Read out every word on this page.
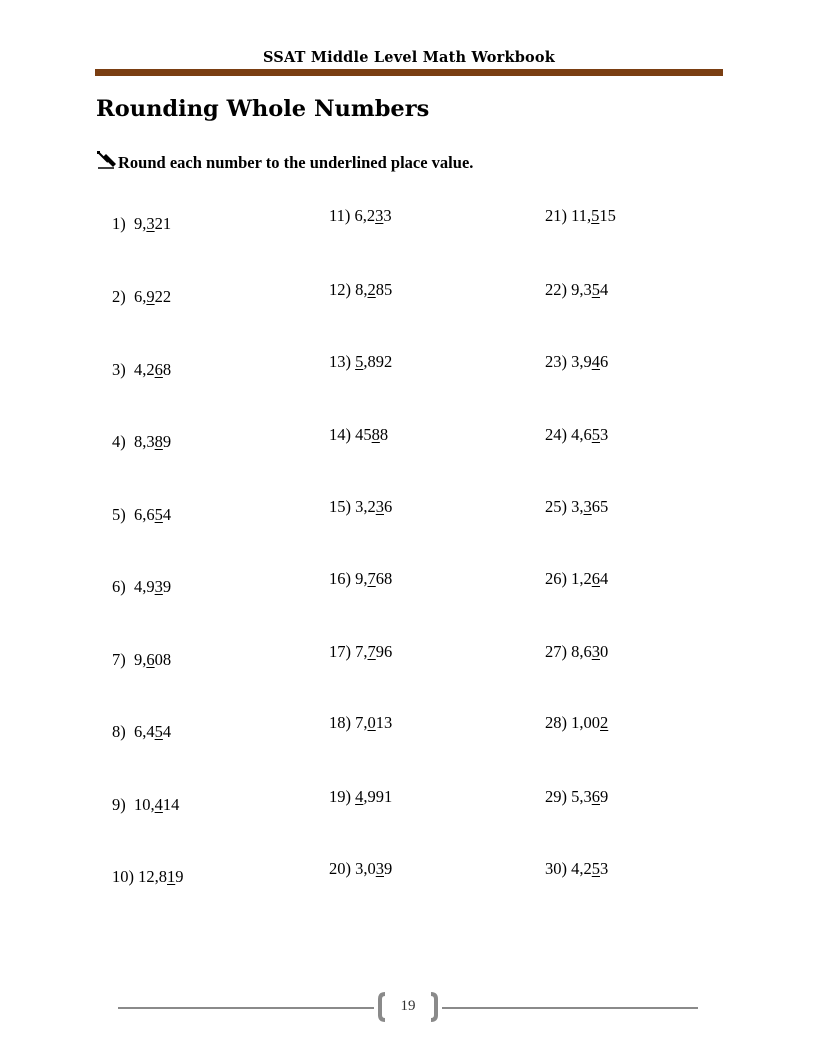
SSAT Middle Level Math Workbook
Rounding Whole Numbers
Round each number to the underlined place value.
1)  9,321
2)  6,922
3)  4,268
4)  8,389
5)  6,654
6)  4,939
7)  9,608
8)  6,454
9)  10,414
10) 12,819
11) 6,233
12) 8,285
13) 5,892
14) 4588
15) 3,236
16) 9,768
17) 7,796
18) 7,013
19) 4,991
20) 3,039
21) 11,515
22) 9,354
23) 3,946
24) 4,653
25) 3,365
26) 1,264
27) 8,630
28) 1,002
29) 5,369
30) 4,253
19
